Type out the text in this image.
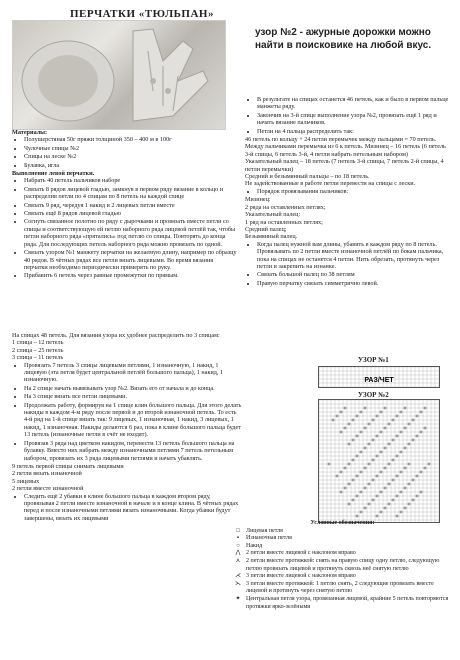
ПЕРЧАТКИ «ТЮЛЬПАН»
узор №2 - ажурные дорожки можно найти в поисковике на любой вкус.

Материалы:

• Полушерстяная 50г пряжи толщиной 350 – 400 м в 100г
• Чулочные спицы №2
• Спицы на леске №2
• Булавка, игла

Выполнение левой перчатки.

• Набрать 40 петель пальчиков наборе
• Связать 8 рядов лицевой гладью, замкнув в первом ряду вязание в кольцо и распределив петли по 4 спицам по 8 петель на каждой спице
• Связать 9 ряд, чередуя 1 накид и 2 лицевых петли вместе
• Связать ещё 8 рядов лицевой гладью
• Согнуть связанное полотно по ряду с дырочками и провязать вместе петли со спицы и соответствующую ей петлю наборного ряда лицевой петлёй так, чтобы петли наборного ряда «прятались» под петлю со спицы. Повторять до конца ряда. Для последующих петель наборного ряда можно провязать по одной.
• Связать узором №1 манжету перчатки на желаемую длину, например по образцу 40 рядов. В чётных рядах все петли вязать лицевыми. Во время вязания перчатки необходимо периодически примерять по руку.
• Прибавить 6 петель через равные промежутки по прямым.

На спицах 48 петель. Для вязания узора их удобнее распределить по 3 спицам:

1 спица – 12 петель

2 спица – 25 петель

3 спица – 11 петель

• Провязать 7 петель 3 спицы лицевыми петлями, 1 изнаночную, 1 накид, 1 лицевую (эта петля будет центральной петлёй большого пальца), 1 накид, 1 изнаночную.
• На 2 спице начать вывязывать узор №2. Вязать его от начала и до конца.
• На 3 спице вязать все петли лицевыми.
• Продолжать работу, формируя на 1 спице клин большого пальца. Для этого делать накиды в каждом 4-м ряду после первой и до второй изнаночной петель. То есть 4-й ряд на 1-й спице вязать так: 9 лицевых, 1 изнаночная, 1 накид, 3 лицевых, 1 накид, 1 изнаночная. Накиды делаются 6 раз, пока в клине большого пальца будет 13 петель (изнаночные петли в счёт не входят).
• Провязав 3 ряда над цветком накидом, перевести 13 петель большого пальца на булавку. Вместо них набрать между изнаночными петлями 7 петель петельным набором, провязать их 3 ряда лицевыми петлями и начать убавлять.

9 петель первой спицы снимать лицевыми

2 петли вязать изнаночной

5 лицевых

2 петли вместе изнаночной

• Следить ещё 2 убавки в клине большого пальца в каждом втором ряду, провязывая 2 петли вместе изнаночной в начале и в конце клина. В чётных рядах перед и после изнаночными петлями вязать изнаночными. Когда убавки будут завершены, вязать их лицевыми
• В результате на спицах останется 46 петель, как и было в первом пальце манжеты ряду.
• Закончив на 3-й спице выполнение узора №2, провязать ещё 1 ряд и начать вязание пальчиков.
• Петли на 4 пальца распределить так:

46 петель по кольцу + 24 петли перемычек между пальцами = 70 петель. Между пальчиками перемычка из 6 к петель. Мизинец – 16 петель (6 петель 3-й спицы, 6 петель 3-й, 4 петли набрать петельным набором)

Указательный палец – 18 петель (7 петель 3-й спицы, 7 петель 2-й спицы, 4 петли перемычки)

Средний и безымянный пальцы – по 18 петель.

Не задействованные в работе петли перевести на спицы с лески.

• Порядок провязывания пальчиков:

Мизинец:

2 ряда на оставленных петлях;

Указательный палец:

1 ряд на оставленных петлях;

Средний палец;

Безымянный палец.

• Когда палец нужной вам длины, убавить в каждом ряду по 8 петель. Провязывать по 2 петли вместе изнаночной петлёй по бокам пальчика, пока на спицах не останется 4 петли. Нить обрезать, протянуть через петли и закрепить на изнанке.
• Связать большой палец по 38 петлям
• Правую перчатку связать симметрично левой.
УЗОР №1
РАЗ/ЧЕТ
УЗОР №2
Условные обозначения:
□	Лицевая петля
▪	Изнаночная петля
○	Накид
⋀ 2 петли вместе лицевой с наклоном вправо
⋏ 2 петли вместе протяжкой: снять на правую спицу одну петлю, следующую петлю провязать лицевой и протянуть сквозь неё снятую петлю
⋌ 3 петли вместе лицевой с наклоном вправо
⋋ 3 петли вместе протяжкой: 1 петлю снять, 2 следующие провязать вместе лицевой и протянуть через снятую петлю
✦ Центральная петля узора, провязанная лицевой, крайние 5 петель повторяются протяжки ярко-зелёными
